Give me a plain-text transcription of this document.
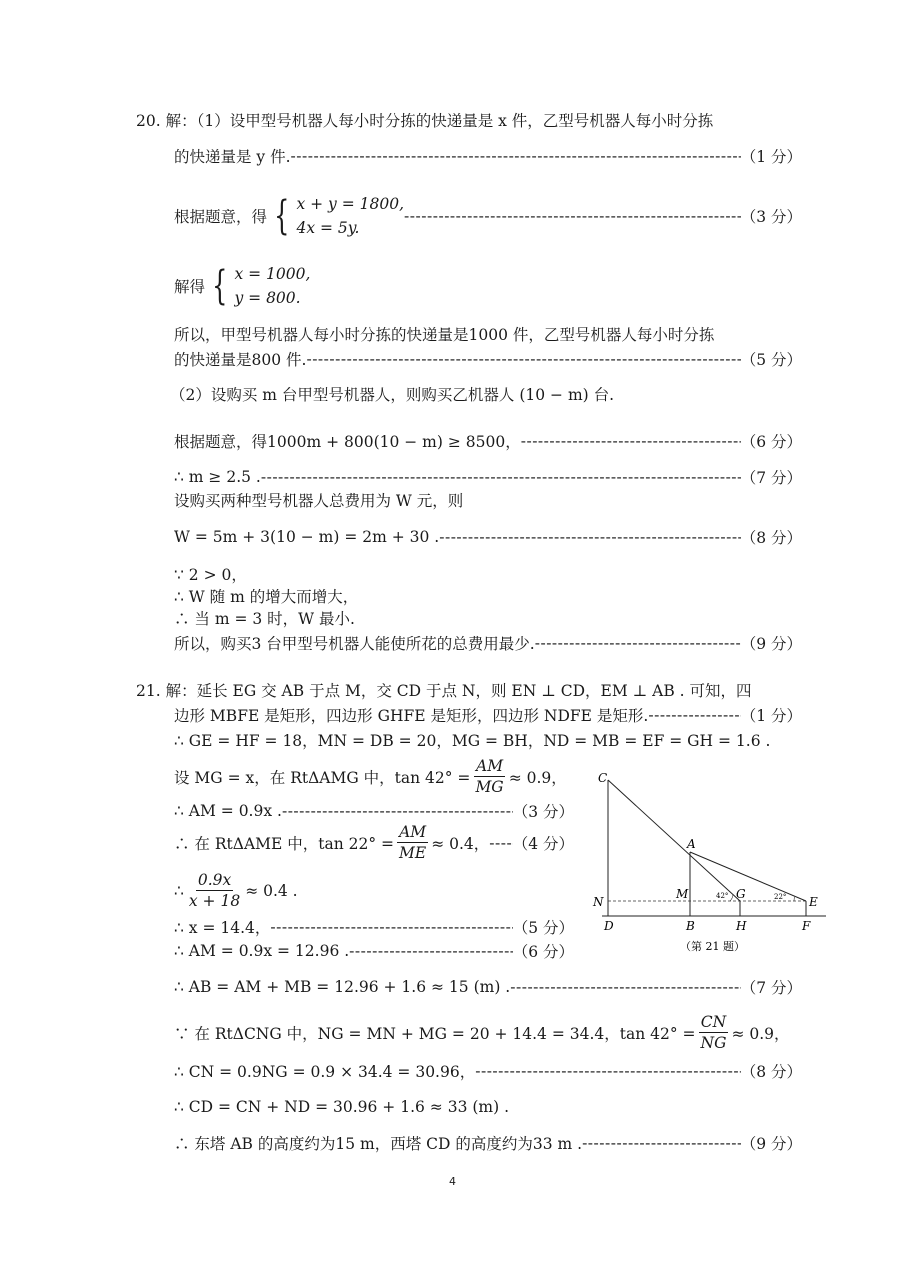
20. 解：（1）设甲型号机器人每小时分拣的快递量是 x 件，乙型号机器人每小时分拣
的快递量是 y 件. -----	（1 分）
根据题意，得 { x + y = 1800,
4x = 5y.
-----
（3 分）
解得 { x = 1000,
y = 800.
所以，甲型号机器人每小时分拣的快递量是1000 件，乙型号机器人每小时分拣
的快递量是800 件. -----	（5 分）
（2）设购买 m 台甲型号机器人，则购买乙机器人 (10 − m) 台.
根据题意，得1000m + 800(10 − m) ≥ 8500， -----	（6 分）
∴ m ≥ 2.5 . -----	（7 分）
设购买两种型号机器人总费用为 W 元，则
W = 5m + 3(10 − m) = 2m + 30 . -----	（8 分）
∵ 2 > 0，
∴ W 随 m 的增大而增大，
∴ 当 m = 3 时，W 最小.
所以，购买3 台甲型号机器人能使所花的总费用最少. -----	（9 分）
21. 解：延长 EG 交 AB 于点 M，交 CD 于点 N，则 EN ⊥ CD，EM ⊥ AB . 可知，四
边形 MBFE 是矩形，四边形 GHFE 是矩形，四边形 NDFE 是矩形. -----	（1 分）
∴ GE = HF = 18，MN = DB = 20，MG = BH，ND = MB = EF = GH = 1.6 .
设 MG = x，在 RtΔAMG 中，$\tan 42^\circ = \frac{AM}{MG} \approx 0.9$，
∴ AM = 0.9x . -----	（3 分）
∴ 在 RtΔAME 中，$\tan 22^\circ = \frac{AM}{ME} \approx 0.4$， ----- （4 分）
∴ $\frac{0.9x}{x + 18} \approx 0.4$ .
∴ x = 14.4， -----	（5 分）
∴ AM = 0.9x = 12.96 . -----	（6 分）
∴ AB = AM + MB = 12.96 + 1.6 ≈ 15 (m) . -----	（7 分）
∵ 在 RtΔCNG 中，NG = MN + MG = 20 + 14.4 = 34.4，$\tan 42^\circ = \frac{CN}{NG} \approx 0.9$，
∴ CN = 0.9NG = 0.9 × 34.4 = 30.96， -----	（8 分）
∴ CD = CN + ND = 30.96 + 1.6 ≈ 33 (m) .
∴ 东塔 AB 的高度约为15 m，西塔 CD 的高度约为33 m . -----	（9 分）
C
A
M
N
G
E
D	B	H	F
42°	22°
（第 21 题）
4
